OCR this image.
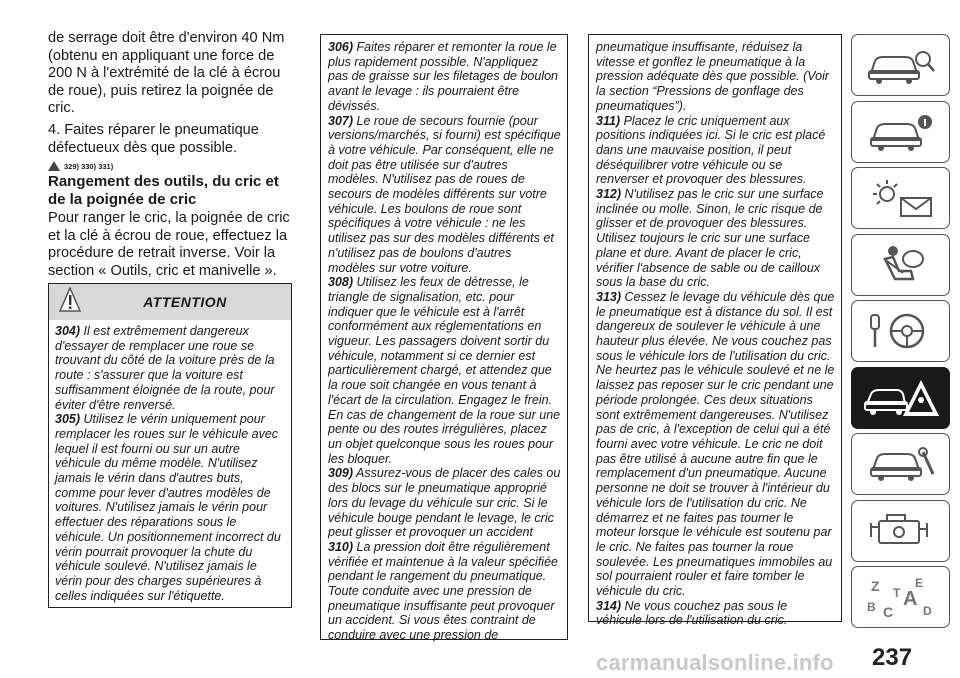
de serrage doit être d'environ 40 Nm (obtenu en appliquant une force de 200 N à l'extrémité de la clé à écrou de roue), puis retirez la poignée de cric.

4. Faites réparer le pneumatique défectueux dès que possible.

329) 330) 331)

Rangement des outils, du cric et de la poignée de cric

Pour ranger le cric, la poignée de cric et la clé à écrou de roue, effectuez la procédure de retrait inverse. Voir la section « Outils, cric et manivelle ».

ATTENTION

304) Il est extrêmement dangereux d'essayer de remplacer une roue se trouvant du côté de la voiture près de la route : s'assurer que la voiture est suffisamment éloignée de la route, pour éviter d'être renversé.

305) Utilisez le vérin uniquement pour remplacer les roues sur le véhicule avec lequel il est fourni ou sur un autre véhicule du même modèle. N'utilisez jamais le vérin dans d'autres buts, comme pour lever d'autres modèles de voitures. N'utilisez jamais le vérin pour effectuer des réparations sous le véhicule. Un positionnement incorrect du vérin pourrait provoquer la chute du véhicule soulevé. N'utilisez jamais le vérin pour des charges supérieures à celles indiquées sur l'étiquette.

306) Faites réparer et remonter la roue le plus rapidement possible. N'appliquez pas de graisse sur les filetages de boulon avant le levage : ils pourraient être dévissés.

307) Le roue de secours fournie (pour versions/marchés, si fourni) est spécifique à votre véhicule. Par conséquent, elle ne doit pas être utilisée sur d'autres modèles. N'utilisez pas de roues de secours de modèles différents sur votre véhicule. Les boulons de roue sont spécifiques à votre véhicule : ne les utilisez pas sur des modèles différents et n'utilisez pas de boulons d'autres modèles sur votre voiture.

308) Utilisez les feux de détresse, le triangle de signalisation, etc. pour indiquer que le véhicule est à l'arrêt conformément aux réglementations en vigueur. Les passagers doivent sortir du véhicule, notamment si ce dernier est particulièrement chargé, et attendez que la roue soit changée en vous tenant à l'écart de la circulation. Engagez le frein. En cas de changement de la roue sur une pente ou des routes irrégulières, placez un objet quelconque sous les roues pour les bloquer.

309) Assurez-vous de placer des cales ou des blocs sur le pneumatique approprié lors du levage du véhicule sur cric. Si le véhicule bouge pendant le levage, le cric peut glisser et provoquer un accident

310) La pression doit être régulièrement vérifiée et maintenue à la valeur spécifiée pendant le rangement du pneumatique. Toute conduite avec une pression de pneumatique insuffisante peut provoquer un accident. Si vous êtes contraint de conduire avec une pression de

pneumatique insuffisante, réduisez la vitesse et gonflez le pneumatique à la pression adéquate dès que possible. (Voir la section “Pressions de gonflage des pneumatiques”).

311) Placez le cric uniquement aux positions indiquées ici. Si le cric est placé dans une mauvaise position, il peut déséquilibrer votre véhicule ou se renverser et provoquer des blessures.

312) N'utilisez pas le cric sur une surface inclinée ou molle. Sinon, le cric risque de glisser et de provoquer des blessures. Utilisez toujours le cric sur une surface plane et dure. Avant de placer le cric, vérifier l'absence de sable ou de cailloux sous la base du cric.

313) Cessez le levage du véhicule dès que le pneumatique est à distance du sol. Il est dangereux de soulever le véhicule à une hauteur plus élevée. Ne vous couchez pas sous le véhicule lors de l'utilisation du cric. Ne heurtez pas le véhicule soulevé et ne le laissez pas reposer sur le cric pendant une période prolongée. Ces deux situations sont extrêmement dangereuses. N'utilisez pas de cric, à l'exception de celui qui a été fourni avec votre véhicule. Le cric ne doit pas être utilisé à aucune autre fin que le remplacement d'un pneumatique. Aucune personne ne doit se trouver à l'intérieur du véhicule lors de l'utilisation du cric. Ne démarrez et ne faites pas tourner le moteur lorsque le véhicule est soutenu par le cric. Ne faites pas tourner la roue soulevée. Les pneumatiques immobiles au sol pourraient rouler et faire tomber le véhicule du cric.

314) Ne vous couchez pas sous le véhicule lors de l'utilisation du cric.

Z	E
A
B C
T
D
237
carmanualsonline.info
